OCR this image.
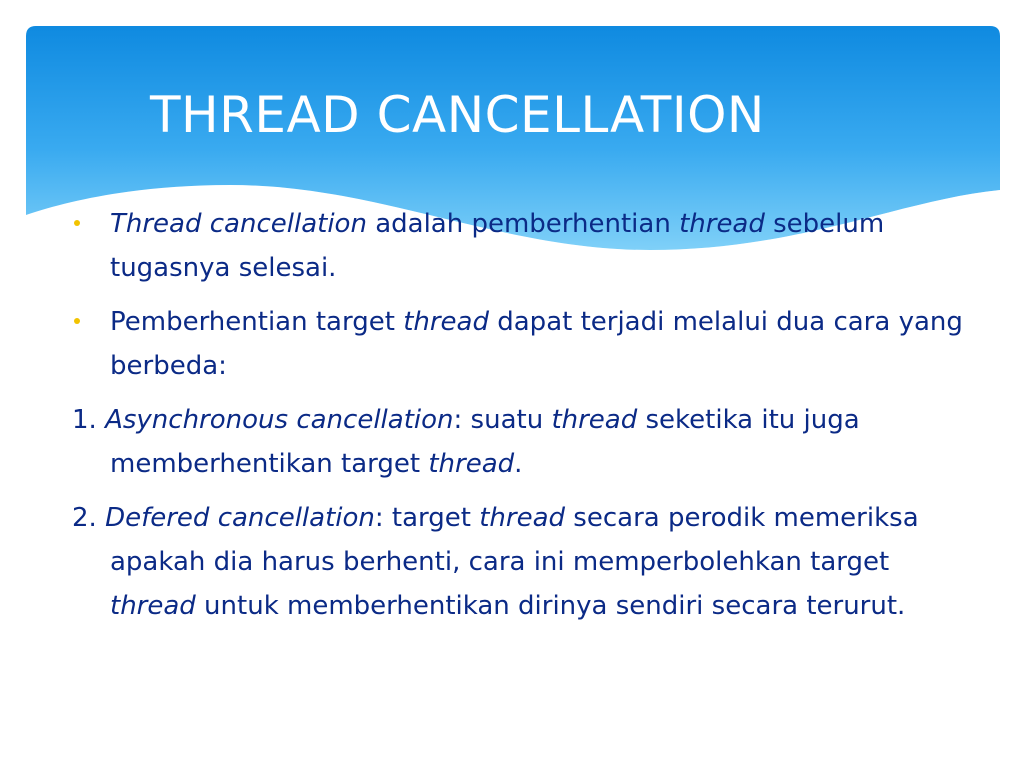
THREAD CANCELLATION
Thread cancellation adalah pemberhentian thread sebelum tugasnya selesai.
Pemberhentian target thread dapat terjadi melalui dua cara yang berbeda:
1. Asynchronous cancellation: suatu thread seketika itu juga memberhentikan target thread.
2. Defered cancellation: target thread secara perodik memeriksa apakah dia harus berhenti, cara ini memperbolehkan target thread untuk memberhentikan dirinya sendiri secara terurut.
